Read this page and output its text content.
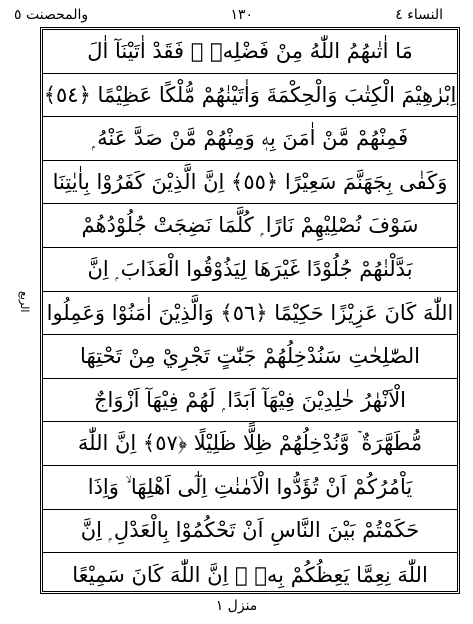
النساء ٤
١٣٠
والمحصنت ٥
الربع
مَا اٰتٰىهُمُ اللّٰهُ مِنْ فَضْلِهٖ ۚ فَقَدْ اٰتَيْنَآ اٰلَ
اِبْرٰهِيْمَ الْكِتٰبَ وَالْحِكْمَةَ وَاٰتَيْنٰهُمْ مُّلْكًا عَظِيْمًا ﴿٥٤﴾
فَمِنْهُمْ مَّنْ اٰمَنَ بِهٖ وَمِنْهُمْ مَّنْ صَدَّ عَنْهُ ۭ
وَكَفٰى بِجَهَنَّمَ سَعِيْرًا ﴿٥٥﴾ اِنَّ الَّذِيْنَ كَفَرُوْا بِاٰيٰتِنَا
سَوْفَ نُصْلِيْهِمْ نَارًا ۭ كُلَّمَا نَضِجَتْ جُلُوْدُهُمْ
بَدَّلْنٰهُمْ جُلُوْدًا غَيْرَهَا لِيَذُوْقُوا الْعَذَابَ ۭ اِنَّ
اللّٰهَ كَانَ عَزِيْزًا حَكِيْمًا ﴿٥٦﴾ وَالَّذِيْنَ اٰمَنُوْا وَعَمِلُوا
الصّٰلِحٰتِ سَنُدْخِلُهُمْ جَنّٰتٍ تَجْرِيْ مِنْ تَحْتِهَا
الْاَنْهٰرُ خٰلِدِيْنَ فِيْهَآ اَبَدًا ۭ لَهُمْ فِيْهَآ اَزْوَاجٌ
مُّطَهَّرَةٌ ۡ وَّنُدْخِلُهُمْ ظِلًّا ظَلِيْلًا ﴿٥٧﴾ اِنَّ اللّٰهَ
يَاْمُرُكُمْ اَنْ تُؤَدُّوا الْاَمٰنٰتِ اِلٰٓى اَهْلِهَا ۙ وَاِذَا
حَكَمْتُمْ بَيْنَ النَّاسِ اَنْ تَحْكُمُوْا بِالْعَدْلِ ۭ اِنَّ
اللّٰهَ نِعِمَّا يَعِظُكُمْ بِهٖ ۭ اِنَّ اللّٰهَ كَانَ سَمِيْعًا
منزل ١
